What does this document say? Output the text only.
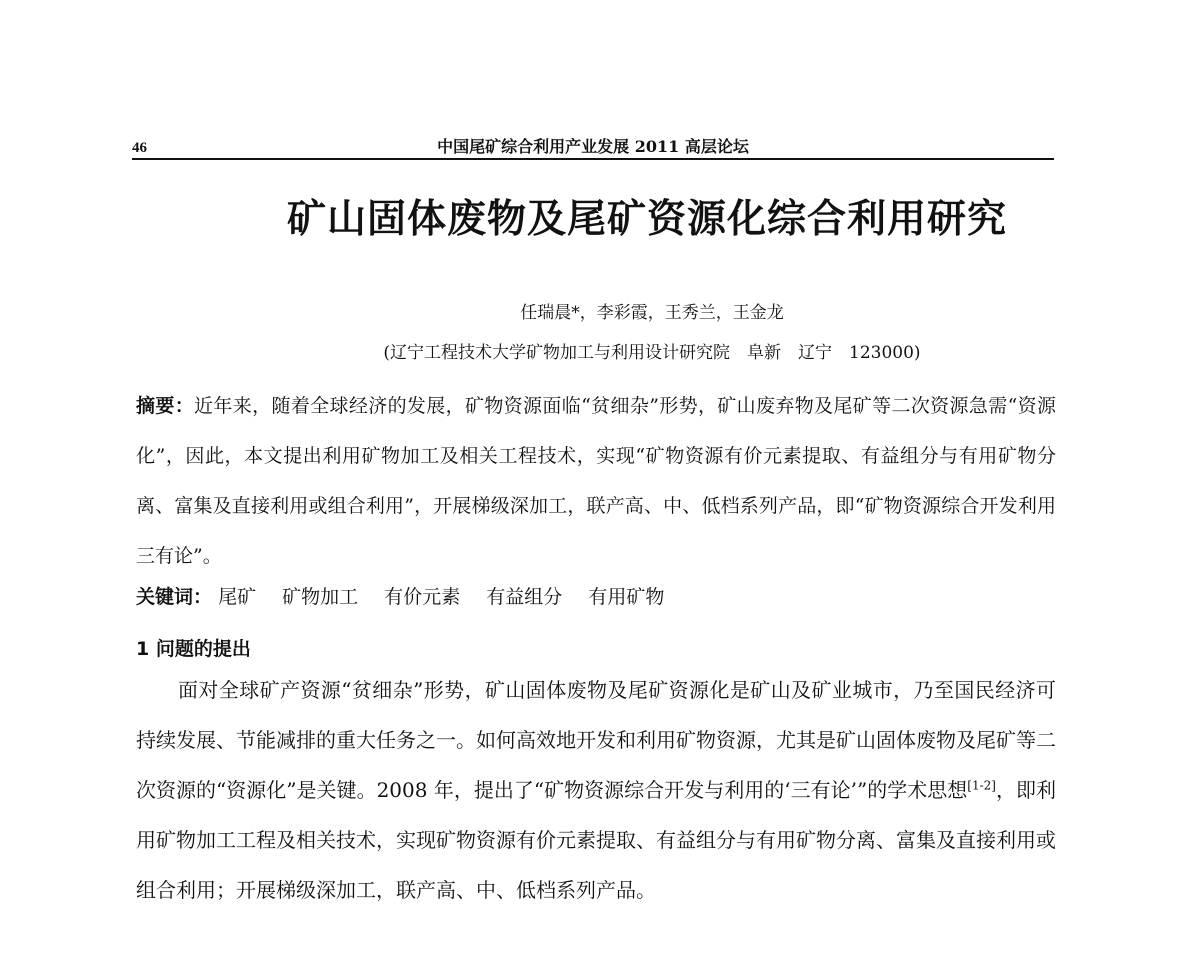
46	中国尾矿综合利用产业发展 2011 高层论坛
矿山固体废物及尾矿资源化综合利用研究
任瑞晨*，李彩霞，王秀兰，王金龙
(辽宁工程技术大学矿物加工与利用设计研究院　阜新　辽宁　123000)

摘要：近年来，随着全球经济的发展，矿物资源面临“贫细杂”形势，矿山废弃物及尾矿等二次资源急需“资源化”，因此，本文提出利用矿物加工及相关工程技术，实现“矿物资源有价元素提取、有益组分与有用矿物分离、富集及直接利用或组合利用”，开展梯级深加工，联产高、中、低档系列产品，即“矿物资源综合开发利用三有论”。

关键词： 尾矿 矿物加工 有价元素 有益组分 有用矿物
1 问题的提出

面对全球矿产资源“贫细杂”形势，矿山固体废物及尾矿资源化是矿山及矿业城市，乃至国民经济可持续发展、节能减排的重大任务之一。如何高效地开发和利用矿物资源，尤其是矿山固体废物及尾矿等二次资源的“资源化”是关键。2008 年，提出了“矿物资源综合开发与利用的‘三有论’”的学术思想[1-2]，即利用矿物加工工程及相关技术，实现矿物资源有价元素提取、有益组分与有用矿物分离、富集及直接利用或组合利用；开展梯级深加工，联产高、中、低档系列产品。
